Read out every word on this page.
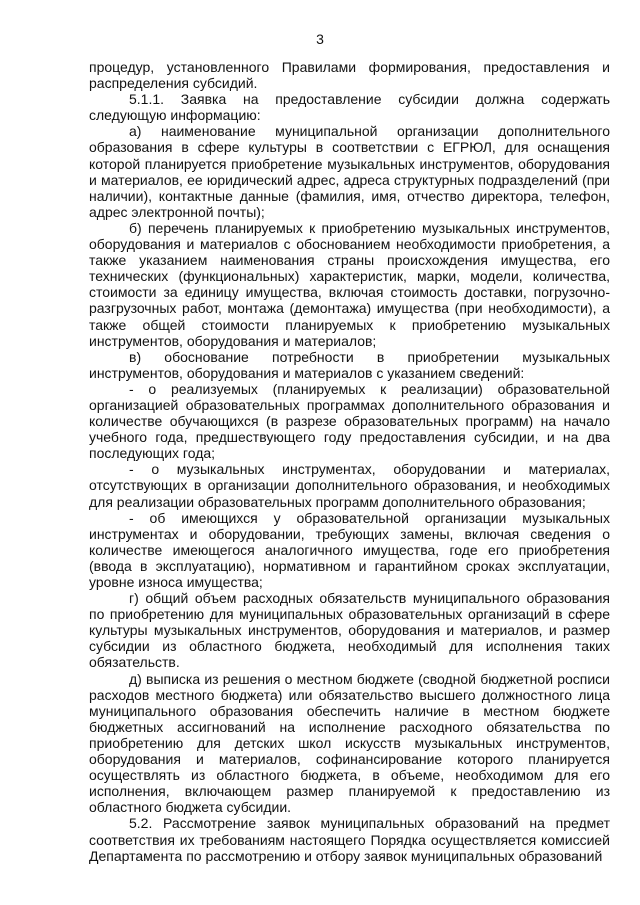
3

процедур, установленного Правилами формирования, предоставления и распределения субсидий.

5.1.1. Заявка на предоставление субсидии должна содержать следующую информацию:

а) наименование муниципальной организации дополнительного образования в сфере культуры в соответствии с ЕГРЮЛ, для оснащения которой планируется приобретение музыкальных инструментов, оборудования и материалов, ее юридический адрес, адреса структурных подразделений (при наличии), контактные данные (фамилия, имя, отчество директора, телефон, адрес электронной почты);

б) перечень планируемых к приобретению музыкальных инструментов, оборудования и материалов с обоснованием необходимости приобретения, а также указанием наименования страны происхождения имущества, его технических (функциональных) характеристик, марки, модели, количества, стоимости за единицу имущества, включая стоимость доставки, погрузочно-разгрузочных работ, монтажа (демонтажа) имущества (при необходимости), а также общей стоимости планируемых к приобретению музыкальных инструментов, оборудования и материалов;

в) обоснование потребности в приобретении музыкальных инструментов, оборудования и материалов с указанием сведений:

- о реализуемых (планируемых к реализации) образовательной организацией образовательных программах дополнительного образования и количестве обучающихся (в разрезе образовательных программ) на начало учебного года, предшествующего году предоставления субсидии, и на два последующих года;

- о музыкальных инструментах, оборудовании и материалах, отсутствующих в организации дополнительного образования, и необходимых для реализации образовательных программ дополнительного образования;

- об имеющихся у образовательной организации музыкальных инструментах и оборудовании, требующих замены, включая сведения о количестве имеющегося аналогичного имущества, годе его приобретения (ввода в эксплуатацию), нормативном и гарантийном сроках эксплуатации, уровне износа имущества;

г) общий объем расходных обязательств муниципального образования по приобретению для муниципальных образовательных организаций в сфере культуры музыкальных инструментов, оборудования и материалов, и размер субсидии из областного бюджета, необходимый для исполнения таких обязательств.

д) выписка из решения о местном бюджете (сводной бюджетной росписи расходов местного бюджета) или обязательство высшего должностного лица муниципального образования обеспечить наличие в местном бюджете бюджетных ассигнований на исполнение расходного обязательства по приобретению для детских школ искусств музыкальных инструментов, оборудования и материалов, софинансирование которого планируется осуществлять из областного бюджета, в объеме, необходимом для его исполнения, включающем размер планируемой к предоставлению из областного бюджета субсидии.

5.2. Рассмотрение заявок муниципальных образований на предмет соответствия их требованиям настоящего Порядка осуществляется комиссией Департамента по рассмотрению и отбору заявок муниципальных образований
